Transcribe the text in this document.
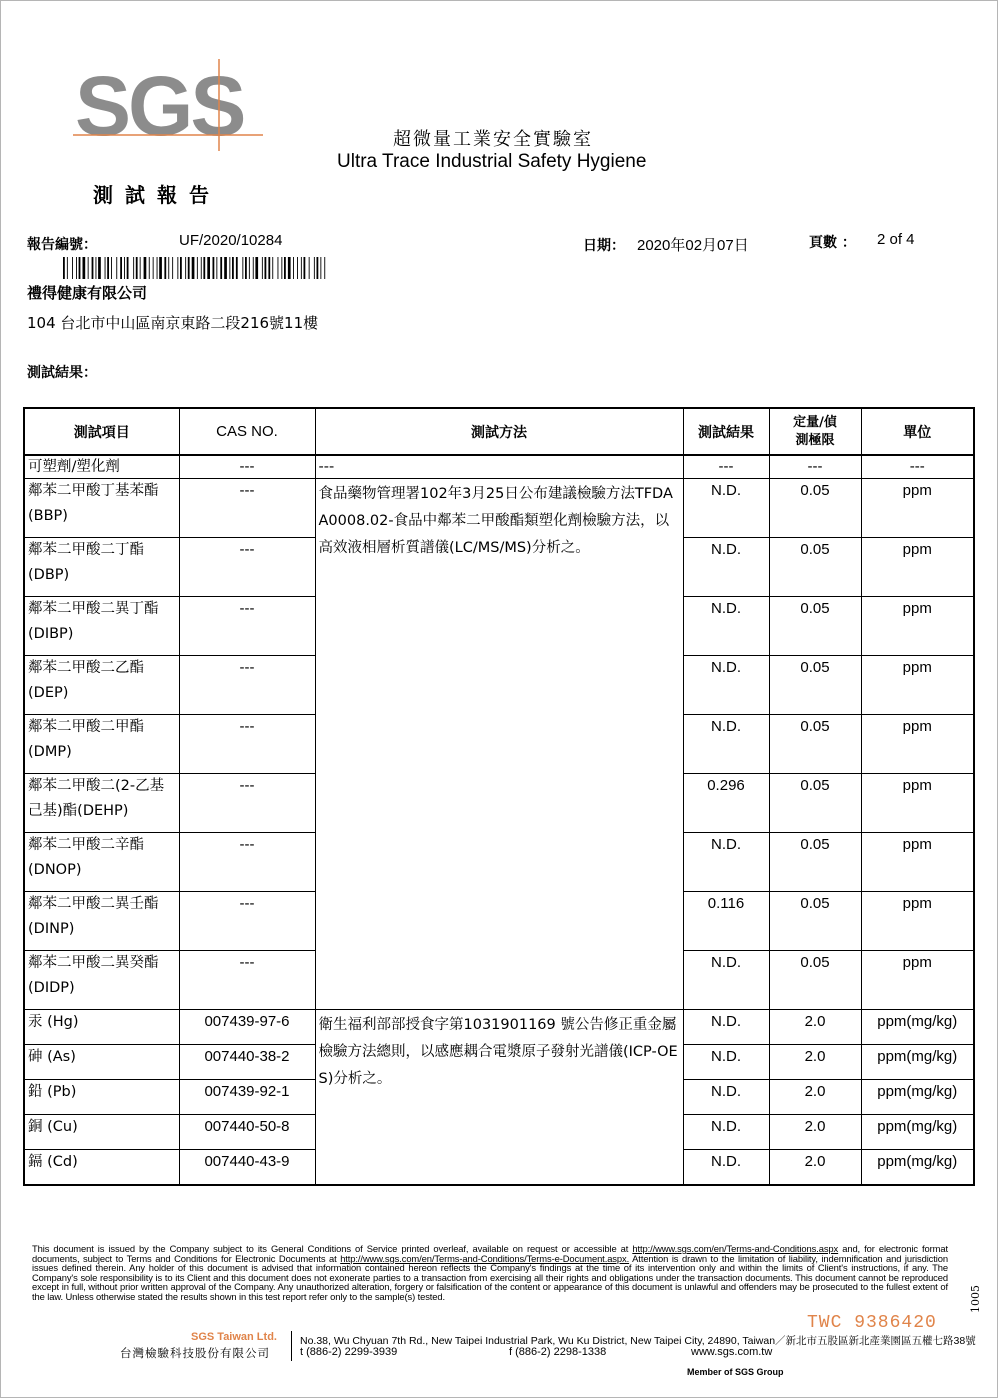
SGS	超微量工業安全實驗室
Ultra Trace Industrial Safety Hygiene
測試報告
報告編號：	UF/2020/10284	日期： 2020年02月07日	頁數 ： 2 of 4
禮得健康有限公司
104 台北市中山區南京東路二段216號11樓
測試結果：
測試項目	CAS NO.	測試方法	測試結果	定量/偵測極限	單位
可塑劑/塑化劑	---	---	---	---	---
鄰苯二甲酸丁基苯酯(BBP)	---	食品藥物管理署102年3月25日公布建議檢驗方法TFDAA0008.02-食品中鄰苯二甲酸酯類塑化劑檢驗方法，以高效液相層析質譜儀(LC/MS/MS)分析之。	N.D.	0.05	ppm
鄰苯二甲酸二丁酯(DBP)	---		N.D.	0.05	ppm
鄰苯二甲酸二異丁酯(DIBP)	---		N.D.	0.05	ppm
鄰苯二甲酸二乙酯(DEP)	---		N.D.	0.05	ppm
鄰苯二甲酸二甲酯(DMP)	---		N.D.	0.05	ppm
鄰苯二甲酸二(2-乙基己基)酯(DEHP)	---		0.296	0.05	ppm
鄰苯二甲酸二辛酯(DNOP)	---		N.D.	0.05	ppm
鄰苯二甲酸二異壬酯(DINP)	---		0.116	0.05	ppm
鄰苯二甲酸二異癸酯(DIDP)	---		N.D.	0.05	ppm
汞 (Hg)	007439-97-6	衛生福利部部授食字第1031901169 號公告修正重金屬檢驗方法總則，以感應耦合電漿原子發射光譜儀(ICP-OES)分析之。	N.D.	2.0	ppm(mg/kg)
砷 (As)	007440-38-2		N.D.	2.0	ppm(mg/kg)
鉛 (Pb)	007439-92-1		N.D.	2.0	ppm(mg/kg)
銅 (Cu)	007440-50-8		N.D.	2.0	ppm(mg/kg)
鎘 (Cd)	007440-43-9		N.D.	2.0	ppm(mg/kg)
This document is issued by the Company subject to its General Conditions of Service printed overleaf, available on request or accessible at http://www.sgs.com/en/Terms-and-Conditions.aspx and, for electronic format documents, subject to Terms and Conditions for Electronic Documents at http://www.sgs.com/en/Terms-and-Conditions/Terms-e-Document.aspx. Attention is drawn to the limitation of liability, indemnification and jurisdiction issues defined therein. Any holder of this document is advised that information contained hereon reflects the Company's findings at the time of its intervention only and within the limits of Client's instructions, if any. The Company's sole responsibility is to its Client and this document does not exonerate parties to a transaction from exercising all their rights and obligations under the transaction documents. This document cannot be reproduced except in full, without prior written approval of the Company. Any unauthorized alteration, forgery or falsification of the content or appearance of this document is unlawful and offenders may be prosecuted to the fullest extent of the law. Unless otherwise stated the results shown in this test report refer only to the sample(s) tested.
SGS Taiwan Ltd.
台灣檢驗科技股份有限公司
No.38, Wu Chyuan 7th Rd., New Taipei Industrial Park, Wu Ku District, New Taipei City, 24890, Taiwan／新北市五股區新北產業園區五權七路38號
t (886-2) 2299-3939	f (886-2) 2298-1338	www.sgs.com.tw
Member of SGS Group
TWC 9386420
1005
